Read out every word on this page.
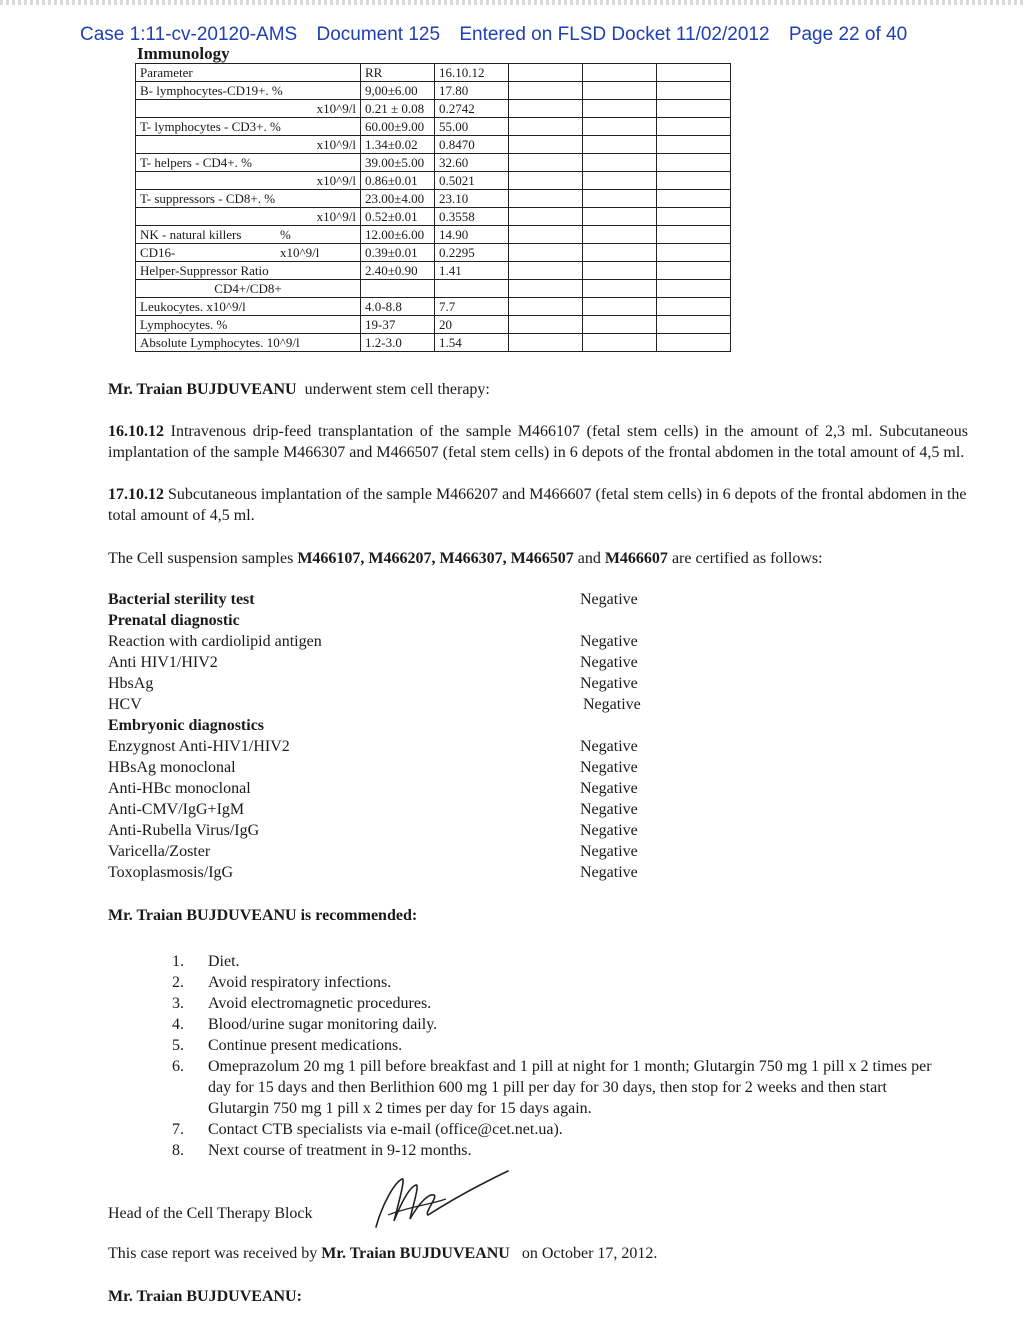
Case 1:11-cv-20120-AMS Document 125 Entered on FLSD Docket 11/02/2012 Page 22 of 40
Immunology
Parameter	RR	16.10.12			
B- lymphocytes-CD19+. %	9,00±6.00	17.80			
x10^9/l	0.21 ± 0.08	0.2742			
T- lymphocytes - CD3+. %	60.00±9.00	55.00			
x10^9/l	1.34±0.02	0.8470			
T- helpers - CD4+. %	39.00±5.00	32.60			
x10^9/l	0.86±0.01	0.5021			
T- suppressors - CD8+. %	23.00±4.00	23.10			
x10^9/l	0.52±0.01	0.3558			
NK - natural killers %	12.00±6.00	14.90			
CD16- x10^9/l	0.39±0.01	0.2295			
Helper-Suppressor Ratio	2.40±0.90	1.41			
CD4+/CD8+					
Leukocytes. x10^9/l	4.0-8.8	7.7			
Lymphocytes. %	19-37	20			
Absolute Lymphocytes. 10^9/l	1.2-3.0	1.54			
Mr. Traian BUJDUVEANU underwent stem cell therapy:
16.10.12 Intravenous drip-feed transplantation of the sample M466107 (fetal stem cells) in the amount of 2,3 ml. Subcutaneous implantation of the sample M466307 and M466507 (fetal stem cells) in 6 depots of the frontal abdomen in the total amount of 4,5 ml.
17.10.12 Subcutaneous implantation of the sample M466207 and M466607 (fetal stem cells) in 6 depots of the frontal abdomen in the total amount of 4,5 ml.
The Cell suspension samples M466107, M466207, M466307, M466507 and M466607 are certified as follows:
Bacterial sterility test	Negative
Prenatal diagnostic
Reaction with cardiolipid antigen	Negative
Anti HIV1/HIV2	Negative
HbsAg	Negative
HCV	Negative
Embryonic diagnostics
Enzygnost Anti-HIV1/HIV2	Negative
HBsAg monoclonal	Negative
Anti-HBc monoclonal	Negative
Anti-CMV/IgG+IgM	Negative
Anti-Rubella Virus/IgG	Negative
Varicella/Zoster	Negative
Toxoplasmosis/IgG	Negative
Mr. Traian BUJDUVEANU is recommended:
1.	Diet.
2.	Avoid respiratory infections.
3.	Avoid electromagnetic procedures.
4.	Blood/urine sugar monitoring daily.
5.	Continue present medications.
6.	Omeprazolum 20 mg 1 pill before breakfast and 1 pill at night for 1 month; Glutargin 750 mg 1 pill x 2 times per day for 15 days and then Berlithion 600 mg 1 pill per day for 30 days, then stop for 2 weeks and then start Glutargin 750 mg 1 pill x 2 times per day for 15 days again.
7.	Contact CTB specialists via e-mail (office@cet.net.ua).
8.	Next course of treatment in 9-12 months.
Head of the Cell Therapy Block
This case report was received by Mr. Traian BUJDUVEANU on October 17, 2012.
Mr. Traian BUJDUVEANU:
